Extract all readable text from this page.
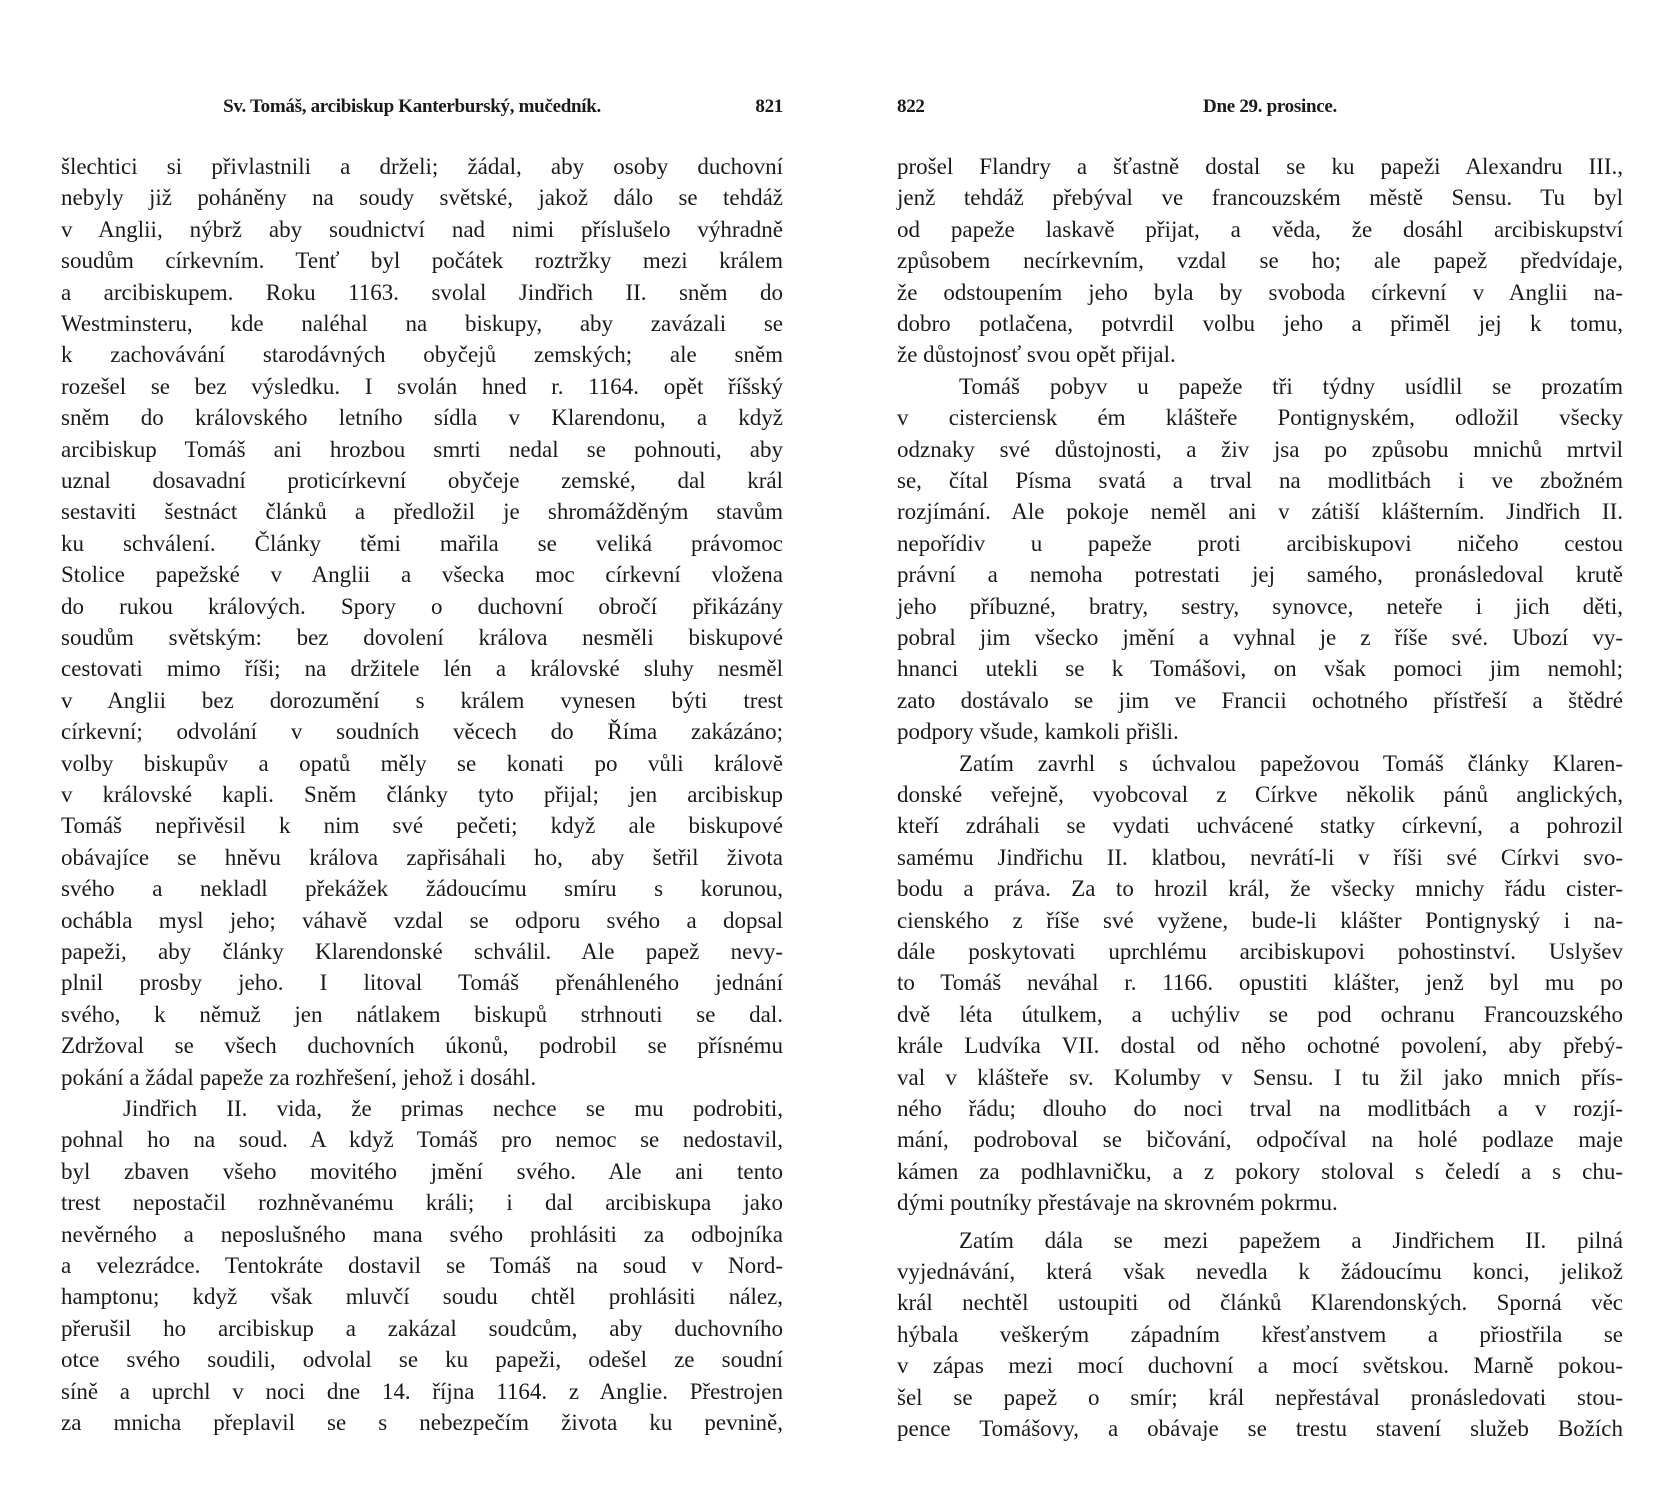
Sv. Tomáš, arcibiskup Kanterburský, mučedník.	821
šlechtici si přivlastnili a drželi; žádal, aby osoby duchovní
nebyly již poháněny na soudy světské, jakož dálo se tehdáž
v Anglii, nýbrž aby soudnictví nad nimi příslušelo výhradně
soudům církevním. Tenť byl počátek roztržky mezi králem
a arcibiskupem. Roku 1163. svolal Jindřich II. sněm do
Westminsteru, kde naléhal na biskupy, aby zavázali se
k zachovávání starodávných obyčejů zemských; ale sněm
rozešel se bez výsledku. I svolán hned r. 1164. opět říšský
sněm do královského letního sídla v Klarendonu, a když
arcibiskup Tomáš ani hrozbou smrti nedal se pohnouti, aby
uznal dosavadní proticírkevní obyčeje zemské, dal král
sestaviti šestnáct článků a předložil je shromážděným stavům
ku schválení. Články těmi mařila se veliká právomoc
Stolice papežské v Anglii a všecka moc církevní vložena
do rukou králových. Spory o duchovní obročí přikázány
soudům světským: bez dovolení králova nesměli biskupové
cestovati mimo říši; na držitele lén a královské sluhy nesměl
v Anglii bez dorozumění s králem vynesen býti trest
církevní; odvolání v soudních věcech do Říma zakázáno;
volby biskupův a opatů měly se konati po vůli královĕ
v královské kapli. Sněm články tyto přijal; jen arcibiskup
Tomáš nepřivěsil k nim své pečeti; když ale biskupové
obávajíce se hněvu králova zapřisáhali ho, aby šetřil života
svého a nekladl překážek žádoucímu smíru s korunou,
ochábla mysl jeho; váhavě vzdal se odporu svého a dopsal
papeži, aby články Klarendonské schválil. Ale papež nevy-
plnil prosby jeho. I litoval Tomáš přenáhleného jednání
svého, k němuž jen nátlakem biskupů strhnouti se dal.
Zdržoval se všech duchovních úkonů, podrobil se přísnému
pokání a žádal papeže za rozhřešení, jehož i dosáhl.
Jindřich II. vida, že primas nechce se mu podrobiti,
pohnal ho na soud. A když Tomáš pro nemoc se nedostavil,
byl zbaven všeho movitého jmění svého. Ale ani tento
trest nepostačil rozhněvanému králi; i dal arcibiskupa jako
nevěrného a neposlušného mana svého prohlásiti za odbojníka
a velezrádce. Tentokráte dostavil se Tomáš na soud v Nord-
hamptonu; když však mluvčí soudu chtěl prohlásiti nález,
přerušil ho arcibiskup a zakázal soudcům, aby duchovního
otce svého soudili, odvolal se ku papeži, odešel ze soudní
síně a uprchl v noci dne 14. října 1164. z Anglie. Přestrojen
za mnicha přeplavil se s nebezpečím života ku pevnině,
822	Dne 29. prosince.
prošel Flandry a šťastně dostal se ku papeži Alexandru III.,
jenž tehdáž přebýval ve francouzském městě Sensu. Tu byl
od papeže laskavě přijat, a věda, že dosáhl arcibiskupství
způsobem necírkevním, vzdal se ho; ale papež předvídaje,
že odstoupením jeho byla by svoboda církevní v Anglii na-
dobro potlačena, potvrdil volbu jeho a přiměl jej k tomu,
že důstojnosť svou opět přijal.
Tomáš pobyv u papeže tři týdny usídlil se prozatím
v cisterciensk ém klášteře Pontignyském, odložil všecky
odznaky své důstojnosti, a živ jsa po způsobu mnichů mrtvil
se, čítal Písma svatá a trval na modlitbách i ve zbožném
rozjímání. Ale pokoje neměl ani v zátiší klášterním. Jindřich II.
nepořídiv u papeže proti arcibiskupovi ničeho cestou
právní a nemoha potrestati jej samého, pronásledoval krutě
jeho příbuzné, bratry, sestry, synovce, neteře i jich děti,
pobral jim všecko jmění a vyhnal je z říše své. Ubozí vy-
hnanci utekli se k Tomášovi, on však pomoci jim nemohl;
zato dostávalo se jim ve Francii ochotného přístřeší a štědré
podpory všude, kamkoli přišli.
Zatím zavrhl s úchvalou papežovou Tomáš články Klaren-
donské veřejně, vyobcoval z Církve několik pánů anglických,
kteří zdráhali se vydati uchvácené statky církevní, a pohrozil
samému Jindřichu II. klatbou, nevrátí-li v říši své Církvi svo-
bodu a práva. Za to hrozil král, že všecky mnichy řádu cister-
cienského z říše své vyžene, bude-li klášter Pontignyský i na-
dále poskytovati uprchlému arcibiskupovi pohostinství. Uslyšev
to Tomáš neváhal r. 1166. opustiti klášter, jenž byl mu po
dvě léta útulkem, a uchýliv se pod ochranu Francouzského
krále Ludvíka VII. dostal od něho ochotné povolení, aby přebý-
val v klášteře sv. Kolumby v Sensu. I tu žil jako mnich přís-
ného řádu; dlouho do noci trval na modlitbách a v rozjí-
mání, podroboval se bičování, odpočíval na holé podlaze maje
kámen za podhlavničku, a z pokory stoloval s čeledí a s chu-
dými poutníky přestávaje na skrovném pokrmu.
Zatím dála se mezi papežem a Jindřichem II. pilná
vyjednávání, která však nevedla k žádoucímu konci, jelikož
král nechtěl ustoupiti od článků Klarendonských. Sporná věc
hýbala veškerým západním křesťanstvem a přiostřila se
v zápas mezi mocí duchovní a mocí světskou. Marně pokou-
šel se papež o smír; král nepřestával pronásledovati stou-
pence Tomášovy, a obávaje se trestu stavení služeb Božích
